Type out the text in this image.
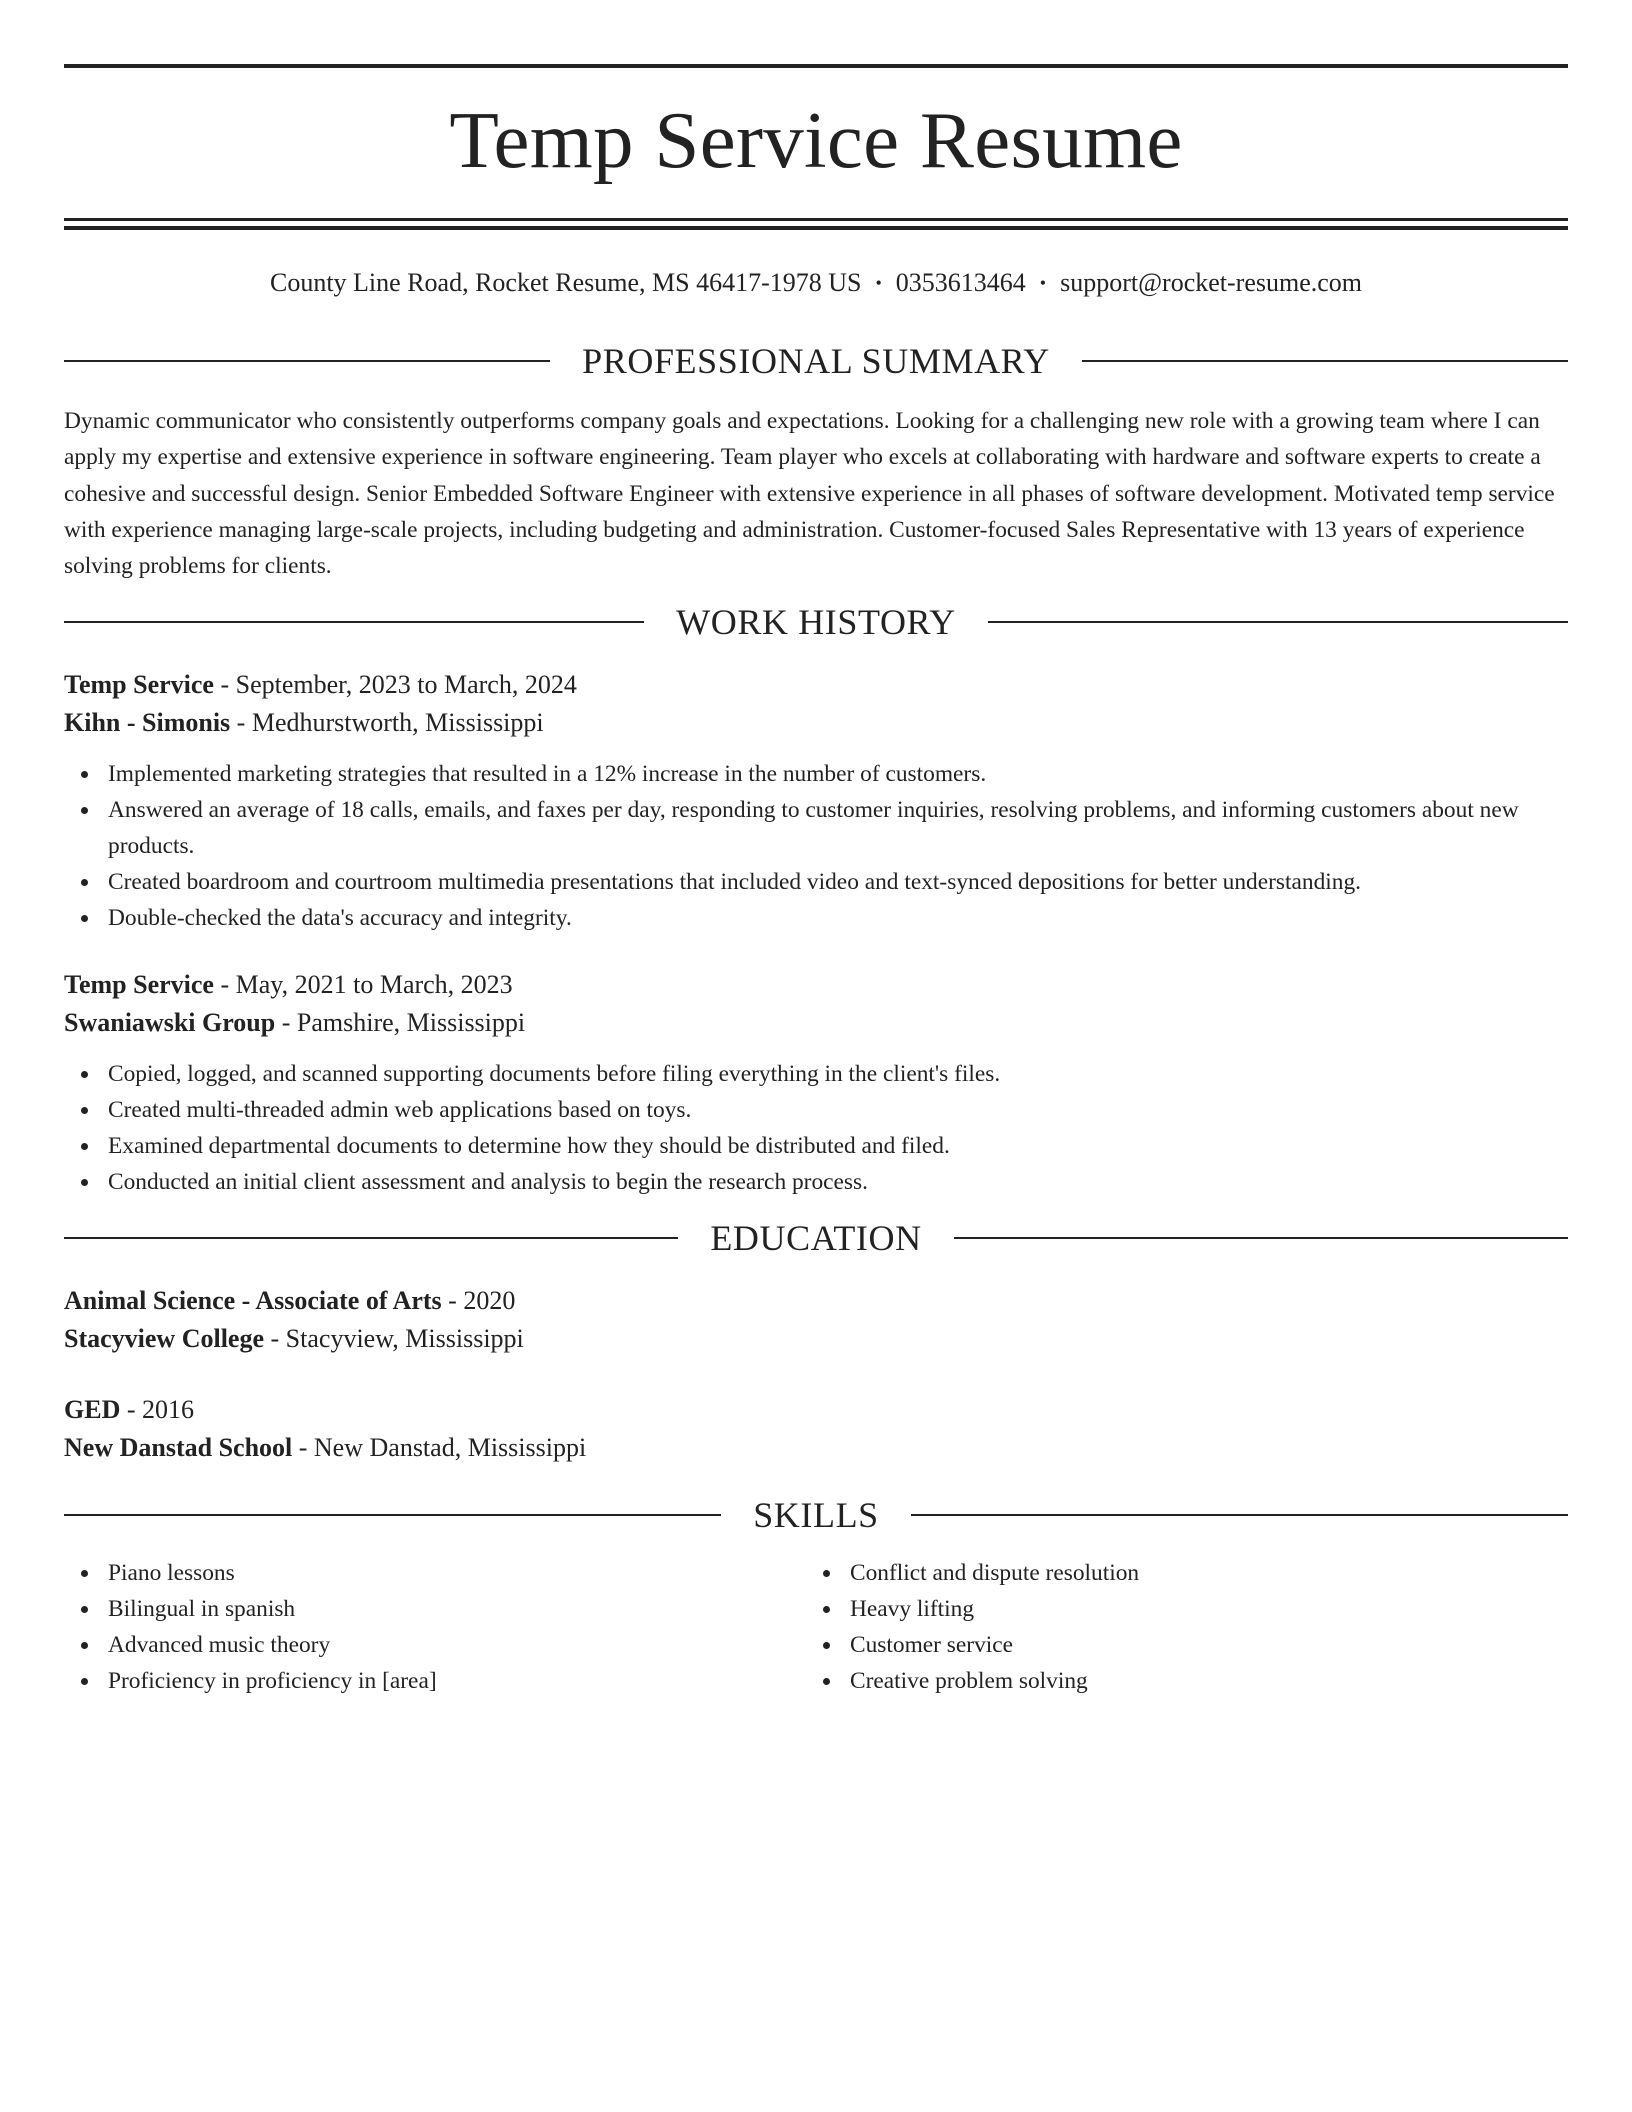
Temp Service Resume
County Line Road, Rocket Resume, MS 46417-1978 US • 0353613464 • support@rocket-resume.com
PROFESSIONAL SUMMARY

Dynamic communicator who consistently outperforms company goals and expectations. Looking for a challenging new role with a growing team where I can apply my expertise and extensive experience in software engineering. Team player who excels at collaborating with hardware and software experts to create a cohesive and successful design. Senior Embedded Software Engineer with extensive experience in all phases of software development. Motivated temp service with experience managing large-scale projects, including budgeting and administration. Customer-focused Sales Representative with 13 years of experience solving problems for clients.

WORK HISTORY
Temp Service - September, 2023 to March, 2024
Kihn - Simonis - Medhurstworth, Mississippi
Implemented marketing strategies that resulted in a 12% increase in the number of customers.
Answered an average of 18 calls, emails, and faxes per day, responding to customer inquiries, resolving problems, and informing customers about new products.
Created boardroom and courtroom multimedia presentations that included video and text-synced depositions for better understanding.
Double-checked the data's accuracy and integrity.
Temp Service - May, 2021 to March, 2023
Swaniawski Group - Pamshire, Mississippi
Copied, logged, and scanned supporting documents before filing everything in the client's files.
Created multi-threaded admin web applications based on toys.
Examined departmental documents to determine how they should be distributed and filed.
Conducted an initial client assessment and analysis to begin the research process.
EDUCATION
Animal Science - Associate of Arts - 2020
Stacyview College - Stacyview, Mississippi
GED - 2016
New Danstad School - New Danstad, Mississippi
SKILLS
Piano lessons
Bilingual in spanish
Advanced music theory
Proficiency in proficiency in [area]
Conflict and dispute resolution
Heavy lifting
Customer service
Creative problem solving
